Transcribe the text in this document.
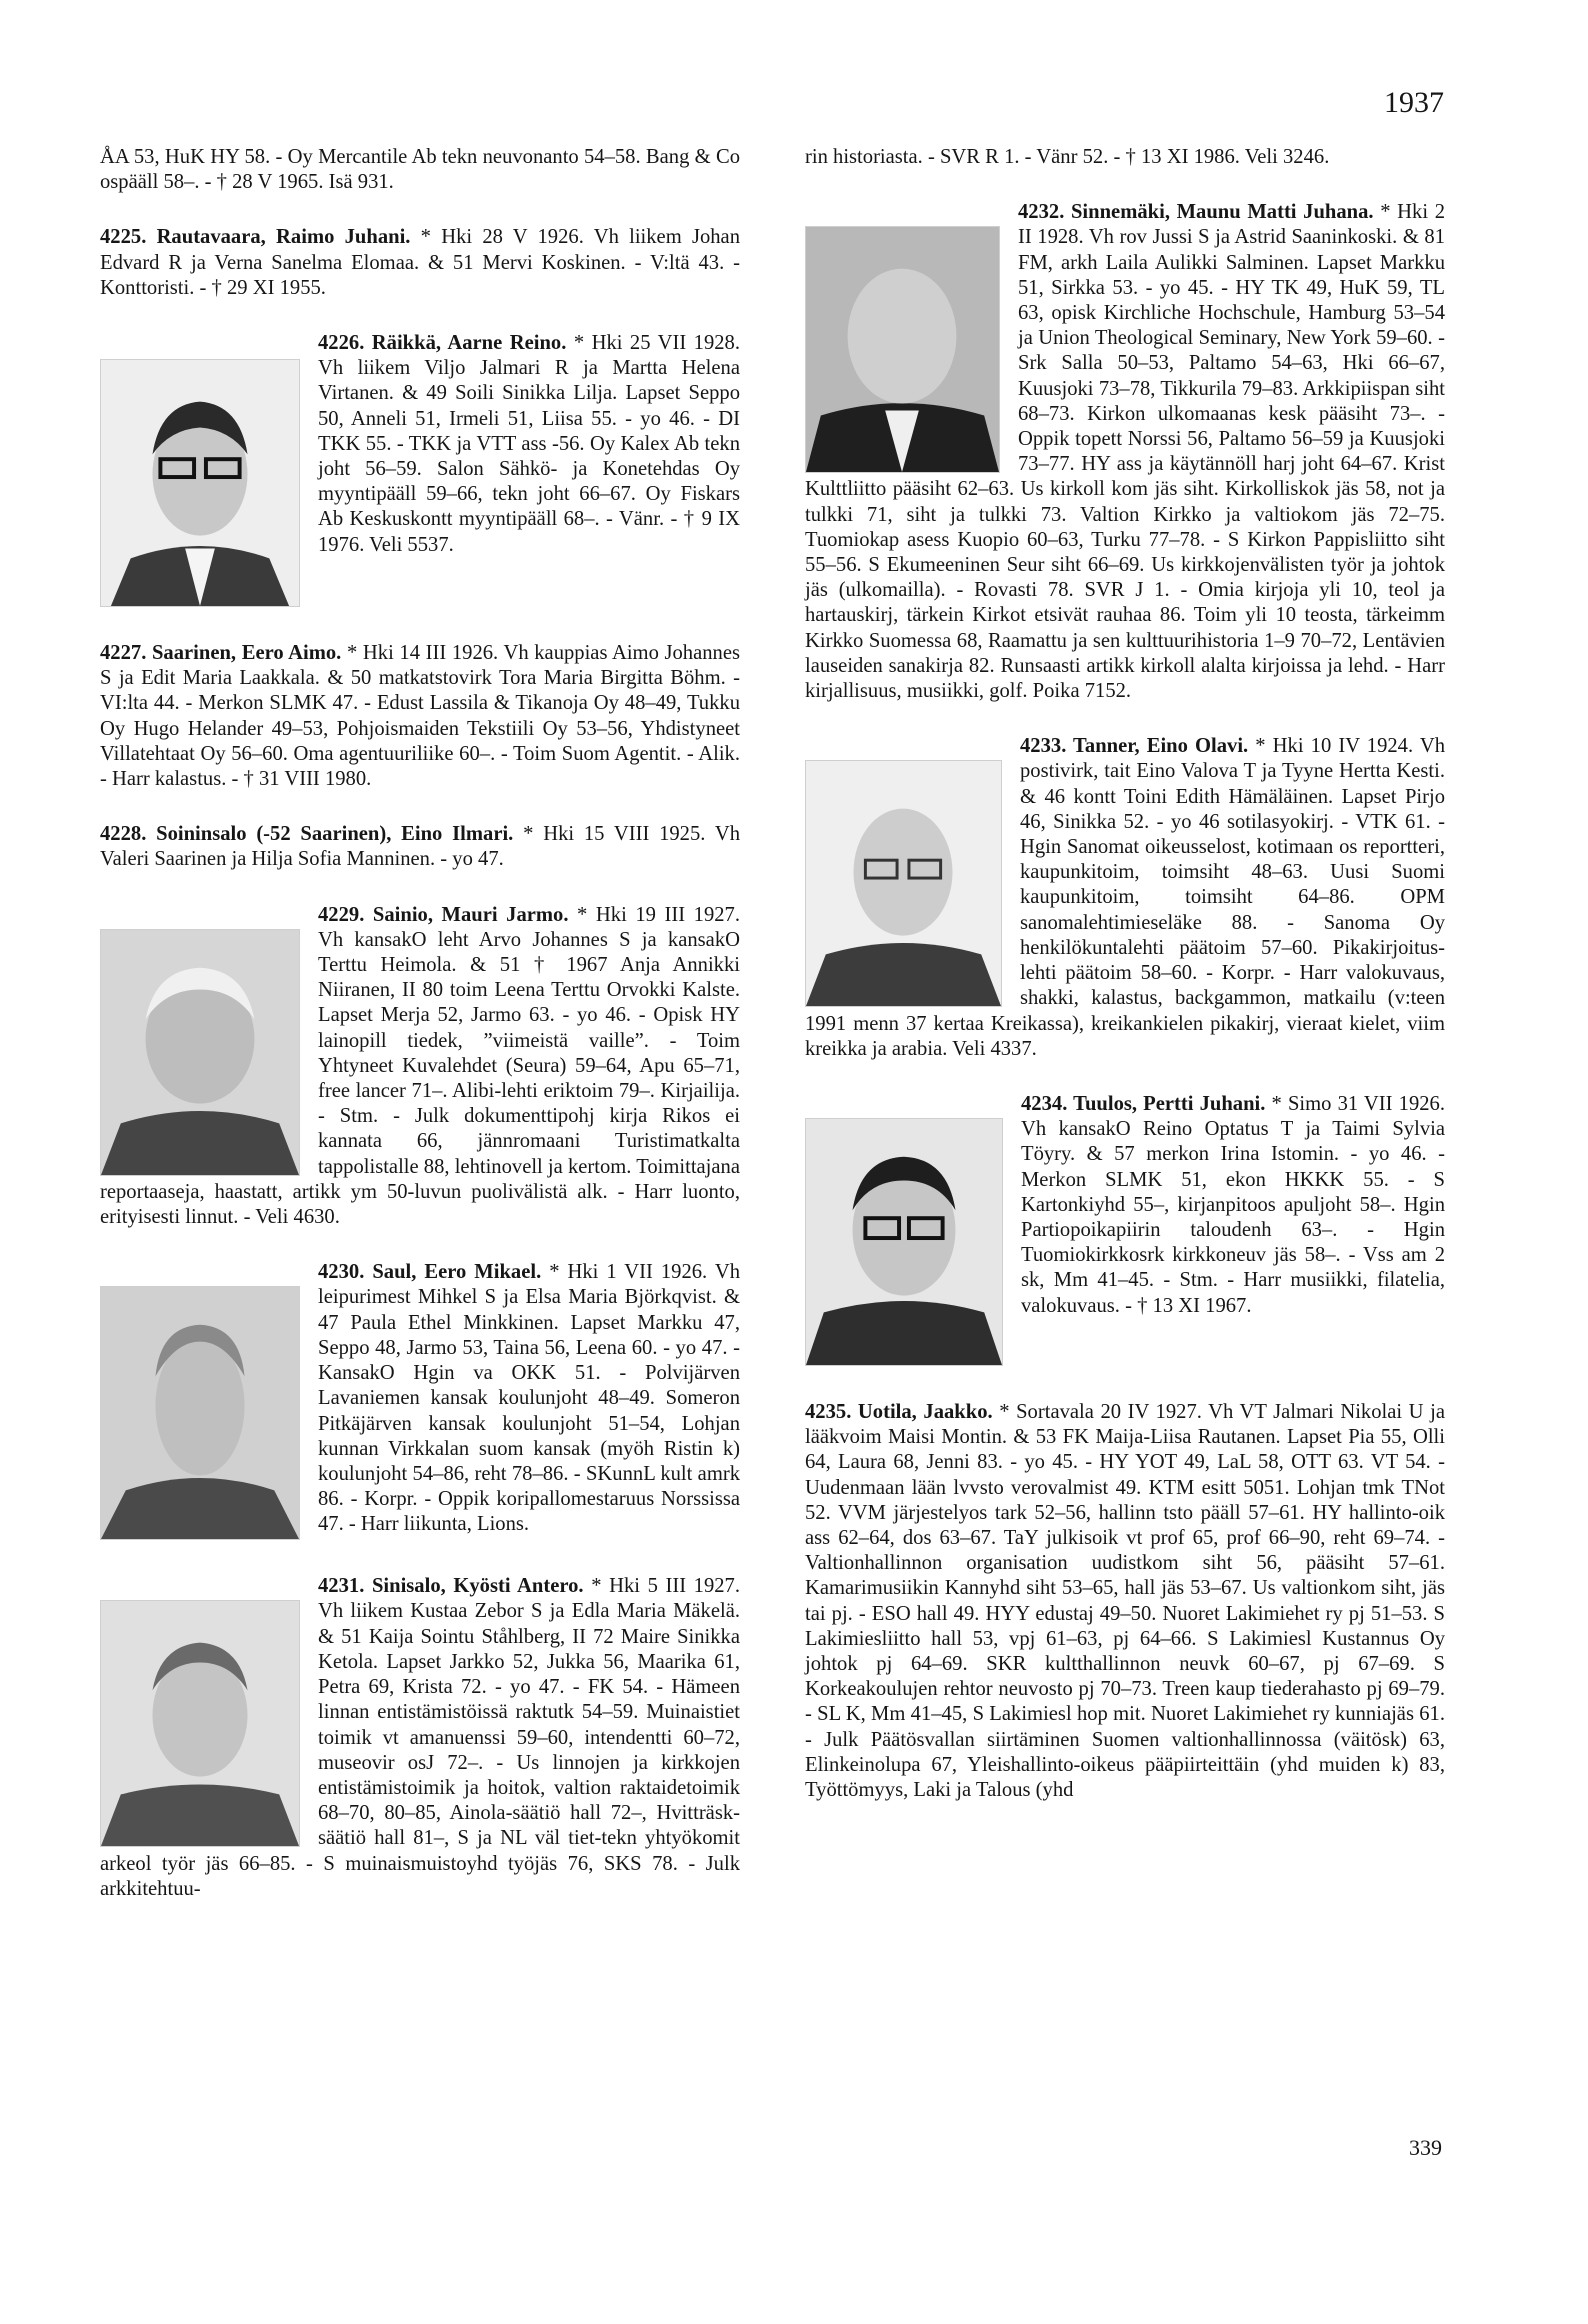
1937

ÅA 53, HuK HY 58. - Oy Mercantile Ab tekn neuvonanto 54–58. Bang & Co ospääll 58–. - † 28 V 1965. Isä 931.

4225. Rautavaara, Raimo Juhani. * Hki 28 V 1926. Vh liikem Johan Edvard R ja Verna Sanelma Elomaa. & 51 Mervi Koskinen. - V:ltä 43. - Konttoristi. - † 29 XI 1955.

4226. Räikkä, Aarne Reino. * Hki 25 VII 1928. Vh liikem Viljo Jalmari R ja Martta Helena Virtanen. & 49 Soili Sinikka Lilja. Lapset Seppo 50, Anneli 51, Irmeli 51, Liisa 55. - yo 46. - DI TKK 55. - TKK ja VTT ass -56. Oy Kalex Ab tekn joht 56–59. Salon Sähkö- ja Konetehdas Oy myyntipääll 59–66, tekn joht 66–67. Oy Fiskars Ab Keskuskontt myyntipääll 68–. - Vänr. - † 9 IX 1976. Veli 5537.

4227. Saarinen, Eero Aimo. * Hki 14 III 1926. Vh kauppias Aimo Johannes S ja Edit Maria Laakkala. & 50 matkatstovirk Tora Maria Birgitta Böhm. - VI:lta 44. - Merkon SLMK 47. - Edust Lassila & Tikanoja Oy 48–49, Tukku Oy Hugo Helander 49–53, Pohjoismaiden Tekstiili Oy 53–56, Yhdistyneet Villatehtaat Oy 56–60. Oma agentuuriliike 60–. - Toim Suom Agentit. - Alik. - Harr kalastus. - † 31 VIII 1980.

4228. Soininsalo (-52 Saarinen), Eino Ilmari. * Hki 15 VIII 1925. Vh Valeri Saarinen ja Hilja Sofia Manninen. - yo 47.

4229. Sainio, Mauri Jarmo. * Hki 19 III 1927. Vh kansakO leht Arvo Johannes S ja kansakO Terttu Heimola. & 51 † 1967 Anja Annikki Niiranen, II 80 toim Leena Terttu Orvokki Kalste. Lapset Merja 52, Jarmo 63. - yo 46. - Opisk HY lainopill tiedek, ”viimeistä vaille”. - Toim Yhtyneet Kuvalehdet (Seura) 59–64, Apu 65–71, free lancer 71–. Alibi-lehti eriktoim 79–. Kirjailija. - Stm. - Julk dokumenttipohj kirja Rikos ei kannata 66, jännromaani Turistimatkalta tappolistalle 88, lehtinovell ja kertom. Toimittajana reportaaseja, haastatt, artikk ym 50-luvun puolivälistä alk. - Harr luonto, erityisesti linnut. - Veli 4630.
4230. Saul, Eero Mikael. * Hki 1 VII 1926. Vh leipurimest Mihkel S ja Elsa Maria Björkqvist. & 47 Paula Ethel Minkkinen. Lapset Markku 47, Seppo 48, Jarmo 53, Taina 56, Leena 60. - yo 47. - KansakO Hgin va OKK 51. - Polvijärven Lavaniemen kansak koulunjoht 48–49. Someron Pitkäjärven kansak koulunjoht 51–54, Lohjan kunnan Virkkalan suom kansak (myöh Ristin k) koulunjoht 54–86, reht 78–86. - SKunnL kult amrk 86. - Korpr. - Oppik koripallomestaruus Norssissa 47. - Harr liikunta, Lions.
4231. Sinisalo, Kyösti Antero. * Hki 5 III 1927. Vh liikem Kustaa Zebor S ja Edla Maria Mäkelä. & 51 Kaija Sointu Ståhlberg, II 72 Maire Sinikka Ketola. Lapset Jarkko 52, Jukka 56, Maarika 61, Petra 69, Krista 72. - yo 47. - FK 54. - Hämeen linnan entistämistöissä raktutk 54–59. Muinaistiet toimik vt amanuenssi 59–60, intendentti 60–72, museovir osJ 72–. - Us linnojen ja kirkkojen entistämistoimik ja hoitok, valtion raktaidetoimik 68–70, 80–85, Ainola-säätiö hall 72–, Hvitträsk-säätiö hall 81–, S ja NL väl tiet-tekn yhtyökomit arkeol työr jäs 66–85. - S muinaismuistoyhd työjäs 76, SKS 78. - Julk arkkitehtuu-

rin historiasta. - SVR R 1. - Vänr 52. - † 13 XI 1986. Veli 3246.

4232. Sinnemäki, Maunu Matti Juhana. * Hki 2 II 1928. Vh rov Jussi S ja Astrid Saaninkoski. & 81 FM, arkh Laila Aulikki Salminen. Lapset Markku 51, Sirkka 53. - yo 45. - HY TK 49, HuK 59, TL 63, opisk Kirchliche Hochschule, Hamburg 53–54 ja Union Theological Seminary, New York 59–60. - Srk Salla 50–53, Paltamo 54–63, Hki 66–67, Kuusjoki 73–78, Tikkurila 79–83. Arkkipiispan siht 68–73. Kirkon ulkomaanas kesk pääsiht 73–. - Oppik topett Norssi 56, Paltamo 56–59 ja Kuusjoki 73–77. HY ass ja käytännöll harj joht 64–67. Krist Kulttliitto pääsiht 62–63. Us kirkoll kom jäs siht. Kirkolliskok jäs 58, not ja tulkki 71, siht ja tulkki 73. Valtion Kirkko ja valtiokom jäs 72–75. Tuomiokap asess Kuopio 60–63, Turku 77–78. - S Kirkon Pappisliitto siht 55–56. S Ekumeeninen Seur siht 66–69. Us kirkkojenvälisten työr ja johtok jäs (ulkomailla). - Rovasti 78. SVR J 1. - Omia kirjoja yli 10, teol ja hartauskirj, tärkein Kirkot etsivät rauhaa 86. Toim yli 10 teosta, tärkeimm Kirkko Suomessa 68, Raamattu ja sen kulttuurihistoria 1–9 70–72, Lentävien lauseiden sanakirja 82. Runsaasti artikk kirkoll alalta kirjoissa ja lehd. - Harr kirjallisuus, musiikki, golf. Poika 7152.
4233. Tanner, Eino Olavi. * Hki 10 IV 1924. Vh postivirk, tait Eino Valova T ja Tyyne Hertta Kesti. & 46 kontt Toini Edith Hämäläinen. Lapset Pirjo 46, Sinikka 52. - yo 46 sotilasyokirj. - VTK 61. - Hgin Sanomat oikeusselost, kotimaan os reportteri, kaupunkitoim, toimsiht 48–63. Uusi Suomi kaupunkitoim, toimsiht 64–86. OPM sanomalehtimieseläke 88. - Sanoma Oy henkilökuntalehti päätoim 57–60. Pikakirjoitus-lehti päätoim 58–60. - Korpr. - Harr valokuvaus, shakki, kalastus, backgammon, matkailu (v:teen 1991 menn 37 kertaa Kreikassa), kreikankielen pikakirj, vieraat kielet, viim kreikka ja arabia. Veli 4337.
4234. Tuulos, Pertti Juhani. * Simo 31 VII 1926. Vh kansakO Reino Optatus T ja Taimi Sylvia Töyry. & 57 merkon Irina Istomin. - yo 46. - Merkon SLMK 51, ekon HKKK 55. - S Kartonkiyhd 55–, kirjanpitoos apuljoht 58–. Hgin Partiopoikapiirin taloudenh 63–. - Hgin Tuomiokirkkosrk kirkkoneuv jäs 58–. - Vss am 2 sk, Mm 41–45. - Stm. - Harr musiikki, filatelia, valokuvaus. - † 13 XI 1967.

4235. Uotila, Jaakko. * Sortavala 20 IV 1927. Vh VT Jalmari Nikolai U ja lääkvoim Maisi Montin. & 53 FK Maija-Liisa Rautanen. Lapset Pia 55, Olli 64, Laura 68, Jenni 83. - yo 45. - HY YOT 49, LaL 58, OTT 63. VT 54. - Uudenmaan lään lvvsto verovalmist 49. KTM esitt 5051. Lohjan tmk TNot 52. VVM järjestelyos tark 52–56, hallinn tsto pääll 57–61. HY hallinto-oik ass 62–64, dos 63–67. TaY julkisoik vt prof 65, prof 66–90, reht 69–74. - Valtionhallinnon organisation uudistkom siht 56, pääsiht 57–61. Kamarimusiikin Kannyhd siht 53–65, hall jäs 53–67. Us valtionkom siht, jäs tai pj. - ESO hall 49. HYY edustaj 49–50. Nuoret Lakimiehet ry pj 51–53. S Lakimiesliitto hall 53, vpj 61–63, pj 64–66. S Lakimiesl Kustannus Oy johtok pj 64–69. SKR kultthallinnon neuvk 60–67, pj 67–69. S Korkeakoulujen rehtor neuvosto pj 70–73. Treen kaup tiederahasto pj 69–79. - SL K, Mm 41–45, S Lakimiesl hop mit. Nuoret Lakimiehet ry kunniajäs 61. - Julk Päätösvallan siirtäminen Suomen valtionhallinnossa (väitösk) 63, Elinkeinolupa 67, Yleishallinto-oikeus pääpiirteittäin (yhd muiden k) 83, Työttömyys, Laki ja Talous (yhd

339
